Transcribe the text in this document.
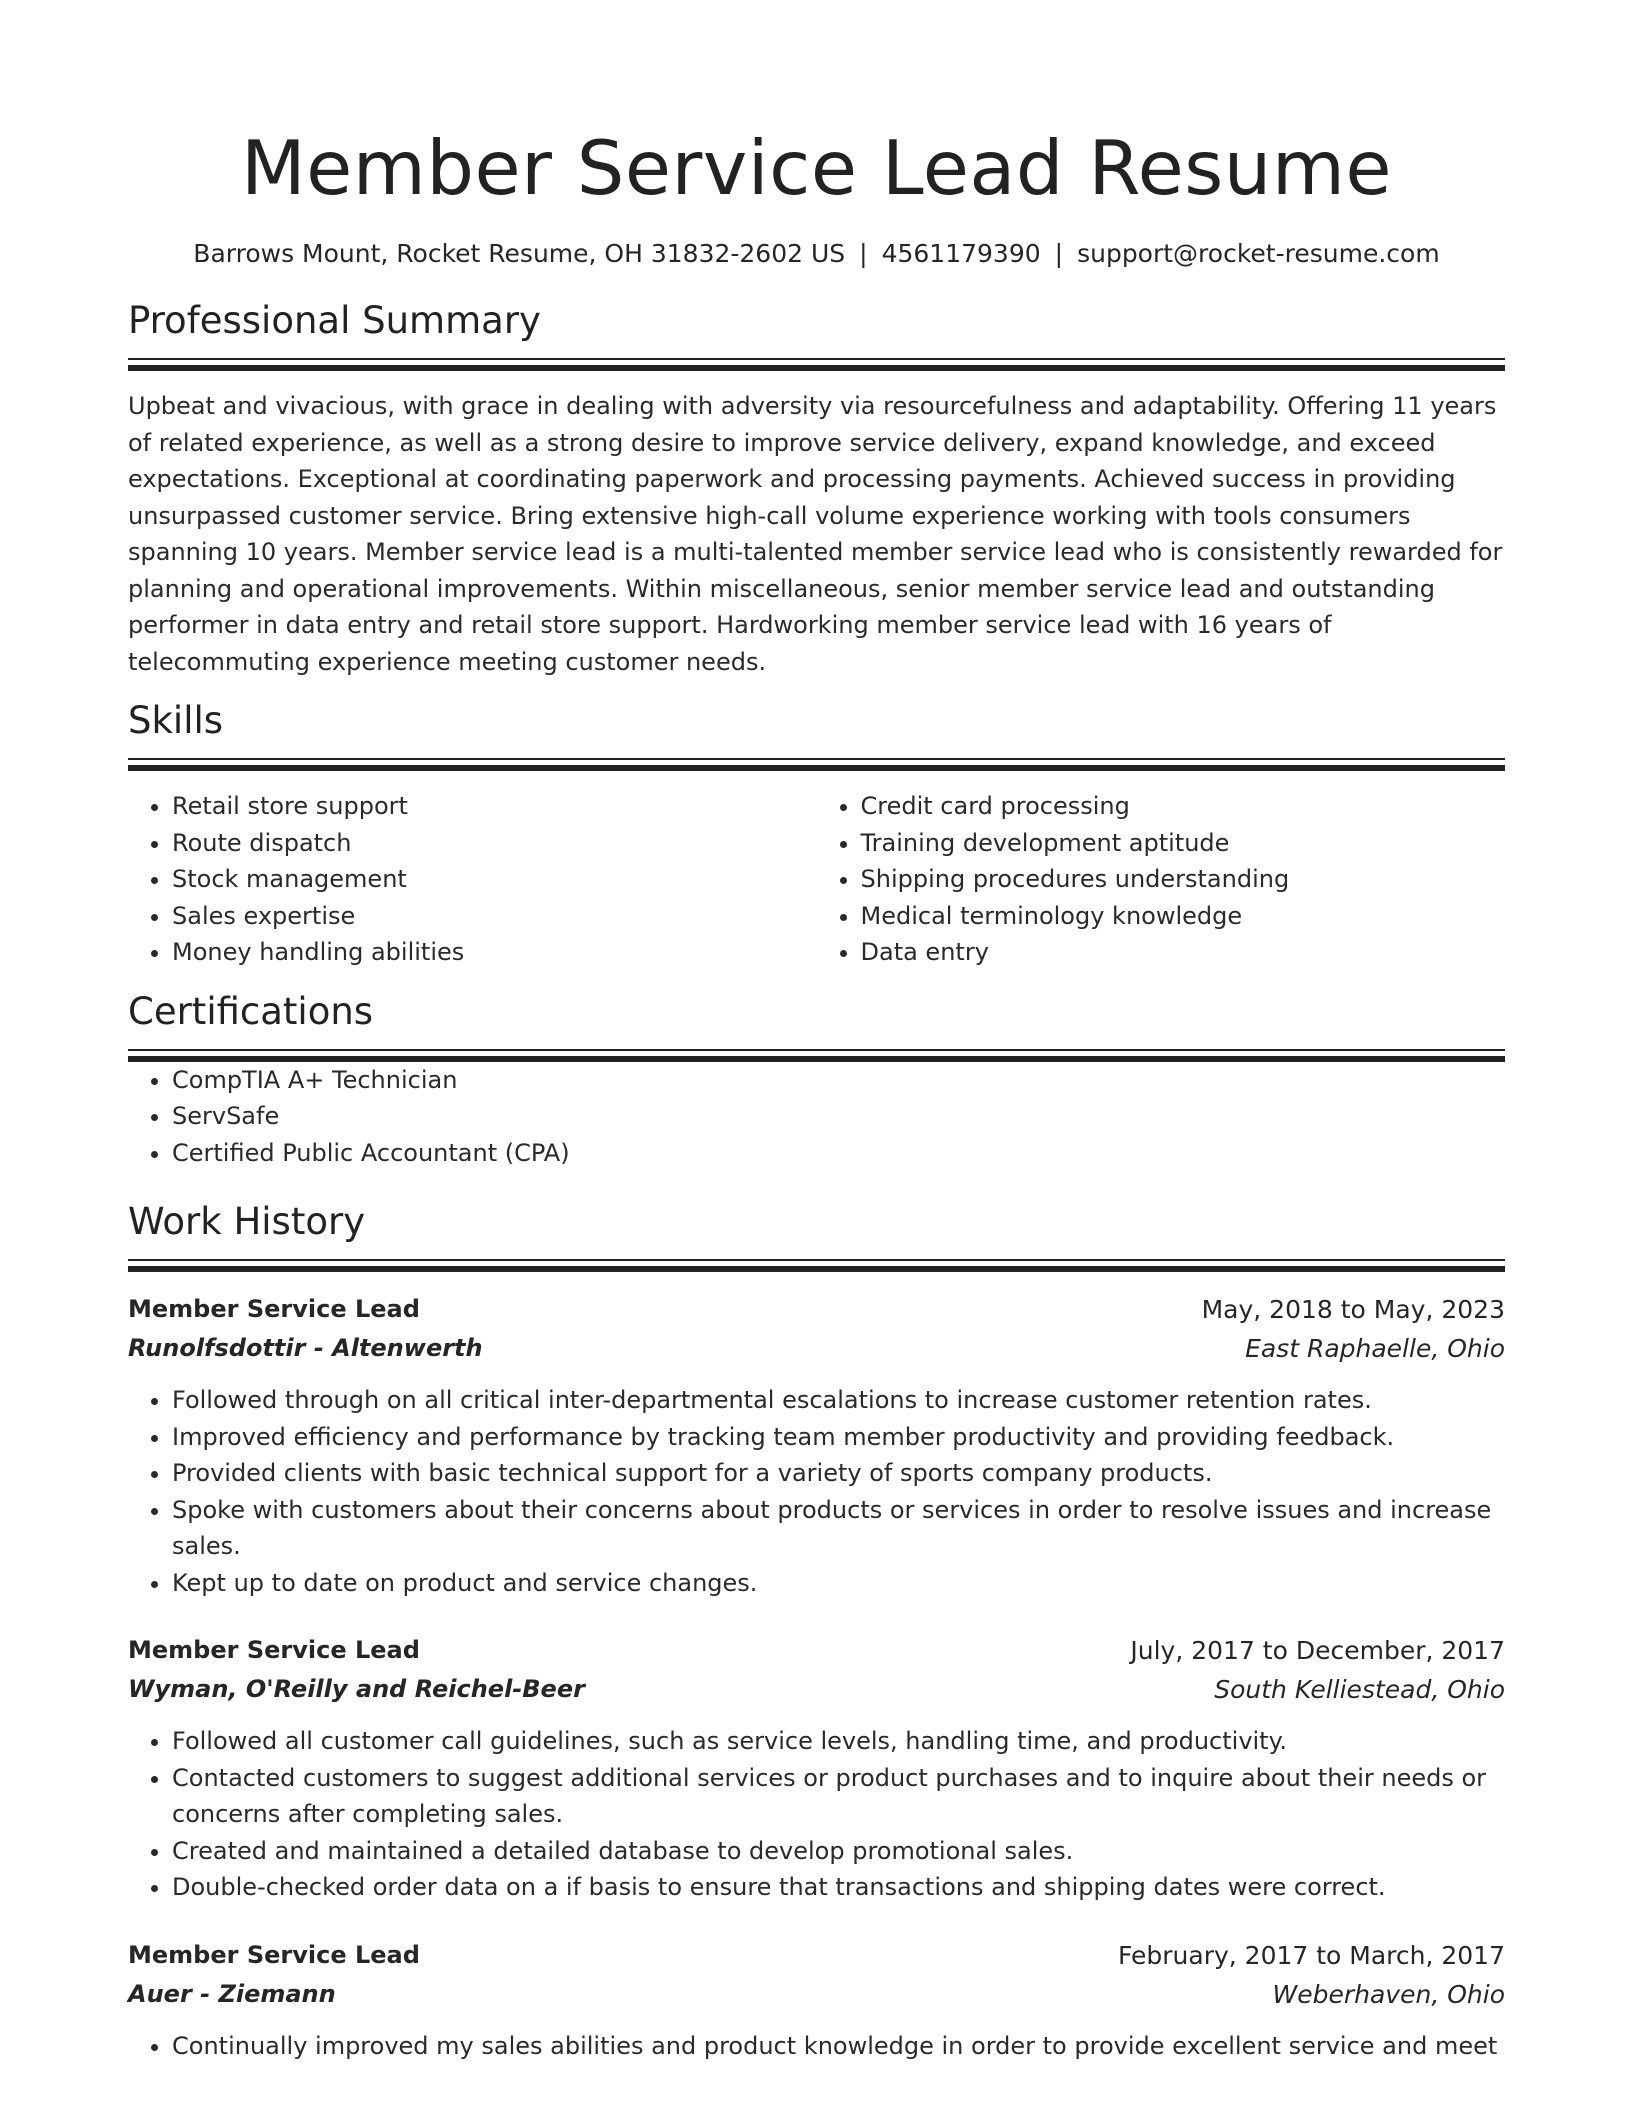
Member Service Lead Resume
Barrows Mount, Rocket Resume, OH 31832-2602 US | 4561179390 | support@rocket-resume.com
Professional Summary

Upbeat and vivacious, with grace in dealing with adversity via resourcefulness and adaptability. Offering 11 years of related experience, as well as a strong desire to improve service delivery, expand knowledge, and exceed expectations. Exceptional at coordinating paperwork and processing payments. Achieved success in providing unsurpassed customer service. Bring extensive high-call volume experience working with tools consumers spanning 10 years. Member service lead is a multi-talented member service lead who is consistently rewarded for planning and operational improvements. Within miscellaneous, senior member service lead and outstanding performer in data entry and retail store support. Hardworking member service lead with 16 years of telecommuting experience meeting customer needs.

Skills
• Retail store support
• Route dispatch
• Stock management
• Sales expertise
• Money handling abilities
• Credit card processing
• Training development aptitude
• Shipping procedures understanding
• Medical terminology knowledge
• Data entry
Certifications
• CompTIA A+ Technician
• ServSafe
• Certified Public Accountant (CPA)
Work History
Member Service Lead	May, 2018 to May, 2023
Runolfsdottir - Altenwerth	East Raphaelle, Ohio
• Followed through on all critical inter-departmental escalations to increase customer retention rates.
• Improved efficiency and performance by tracking team member productivity and providing feedback.
• Provided clients with basic technical support for a variety of sports company products.
• Spoke with customers about their concerns about products or services in order to resolve issues and increase sales.
• Kept up to date on product and service changes.
Member Service Lead	July, 2017 to December, 2017
Wyman, O'Reilly and Reichel-Beer	South Kelliestead, Ohio
• Followed all customer call guidelines, such as service levels, handling time, and productivity.
• Contacted customers to suggest additional services or product purchases and to inquire about their needs or concerns after completing sales.
• Created and maintained a detailed database to develop promotional sales.
• Double-checked order data on a if basis to ensure that transactions and shipping dates were correct.
Member Service Lead	February, 2017 to March, 2017
Auer - Ziemann	Weberhaven, Ohio
• Continually improved my sales abilities and product knowledge in order to provide excellent service and meet
